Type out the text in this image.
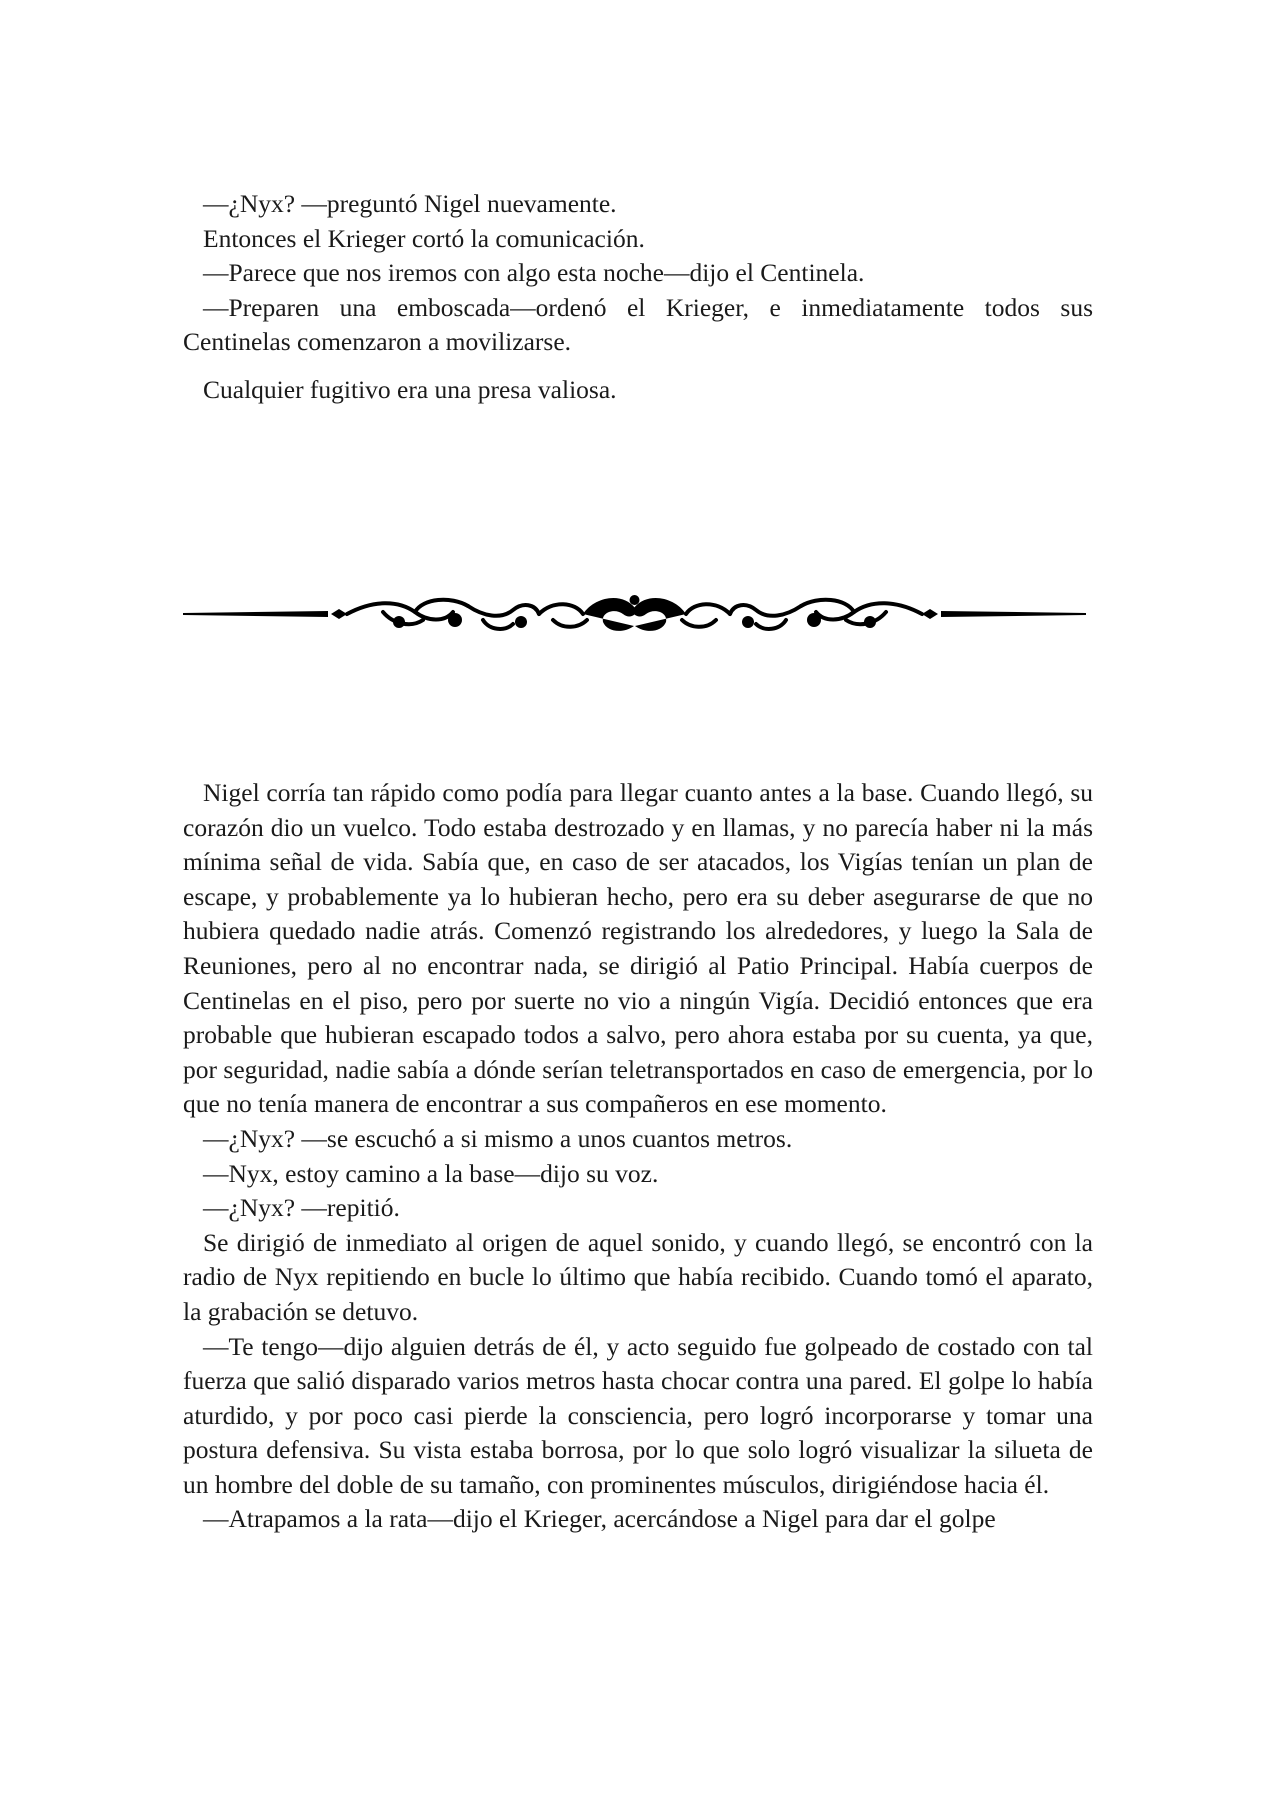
—¿Nyx? —preguntó Nigel nuevamente.

Entonces el Krieger cortó la comunicación.

—Parece que nos iremos con algo esta noche—dijo el Centinela.

—Preparen una emboscada—ordenó el Krieger, e inmediatamente todos sus Centinelas comenzaron a movilizarse.

Cualquier fugitivo era una presa valiosa.

Nigel corría tan rápido como podía para llegar cuanto antes a la base. Cuando llegó, su corazón dio un vuelco. Todo estaba destrozado y en llamas, y no parecía haber ni la más mínima señal de vida. Sabía que, en caso de ser atacados, los Vigías tenían un plan de escape, y probablemente ya lo hubieran hecho, pero era su deber asegurarse de que no hubiera quedado nadie atrás. Comenzó registrando los alrededores, y luego la Sala de Reuniones, pero al no encontrar nada, se dirigió al Patio Principal. Había cuerpos de Centinelas en el piso, pero por suerte no vio a ningún Vigía. Decidió entonces que era probable que hubieran escapado todos a salvo, pero ahora estaba por su cuenta, ya que, por seguridad, nadie sabía a dónde serían teletransportados en caso de emergencia, por lo que no tenía manera de encontrar a sus compañeros en ese momento.

—¿Nyx? —se escuchó a si mismo a unos cuantos metros.

—Nyx, estoy camino a la base—dijo su voz.

—¿Nyx? —repitió.

Se dirigió de inmediato al origen de aquel sonido, y cuando llegó, se encontró con la radio de Nyx repitiendo en bucle lo último que había recibido. Cuando tomó el aparato, la grabación se detuvo.

—Te tengo—dijo alguien detrás de él, y acto seguido fue golpeado de costado con tal fuerza que salió disparado varios metros hasta chocar contra una pared. El golpe lo había aturdido, y por poco casi pierde la consciencia, pero logró incorporarse y tomar una postura defensiva. Su vista estaba borrosa, por lo que solo logró visualizar la silueta de un hombre del doble de su tamaño, con prominentes músculos, dirigiéndose hacia él.

—Atrapamos a la rata—dijo el Krieger, acercándose a Nigel para dar el golpe
